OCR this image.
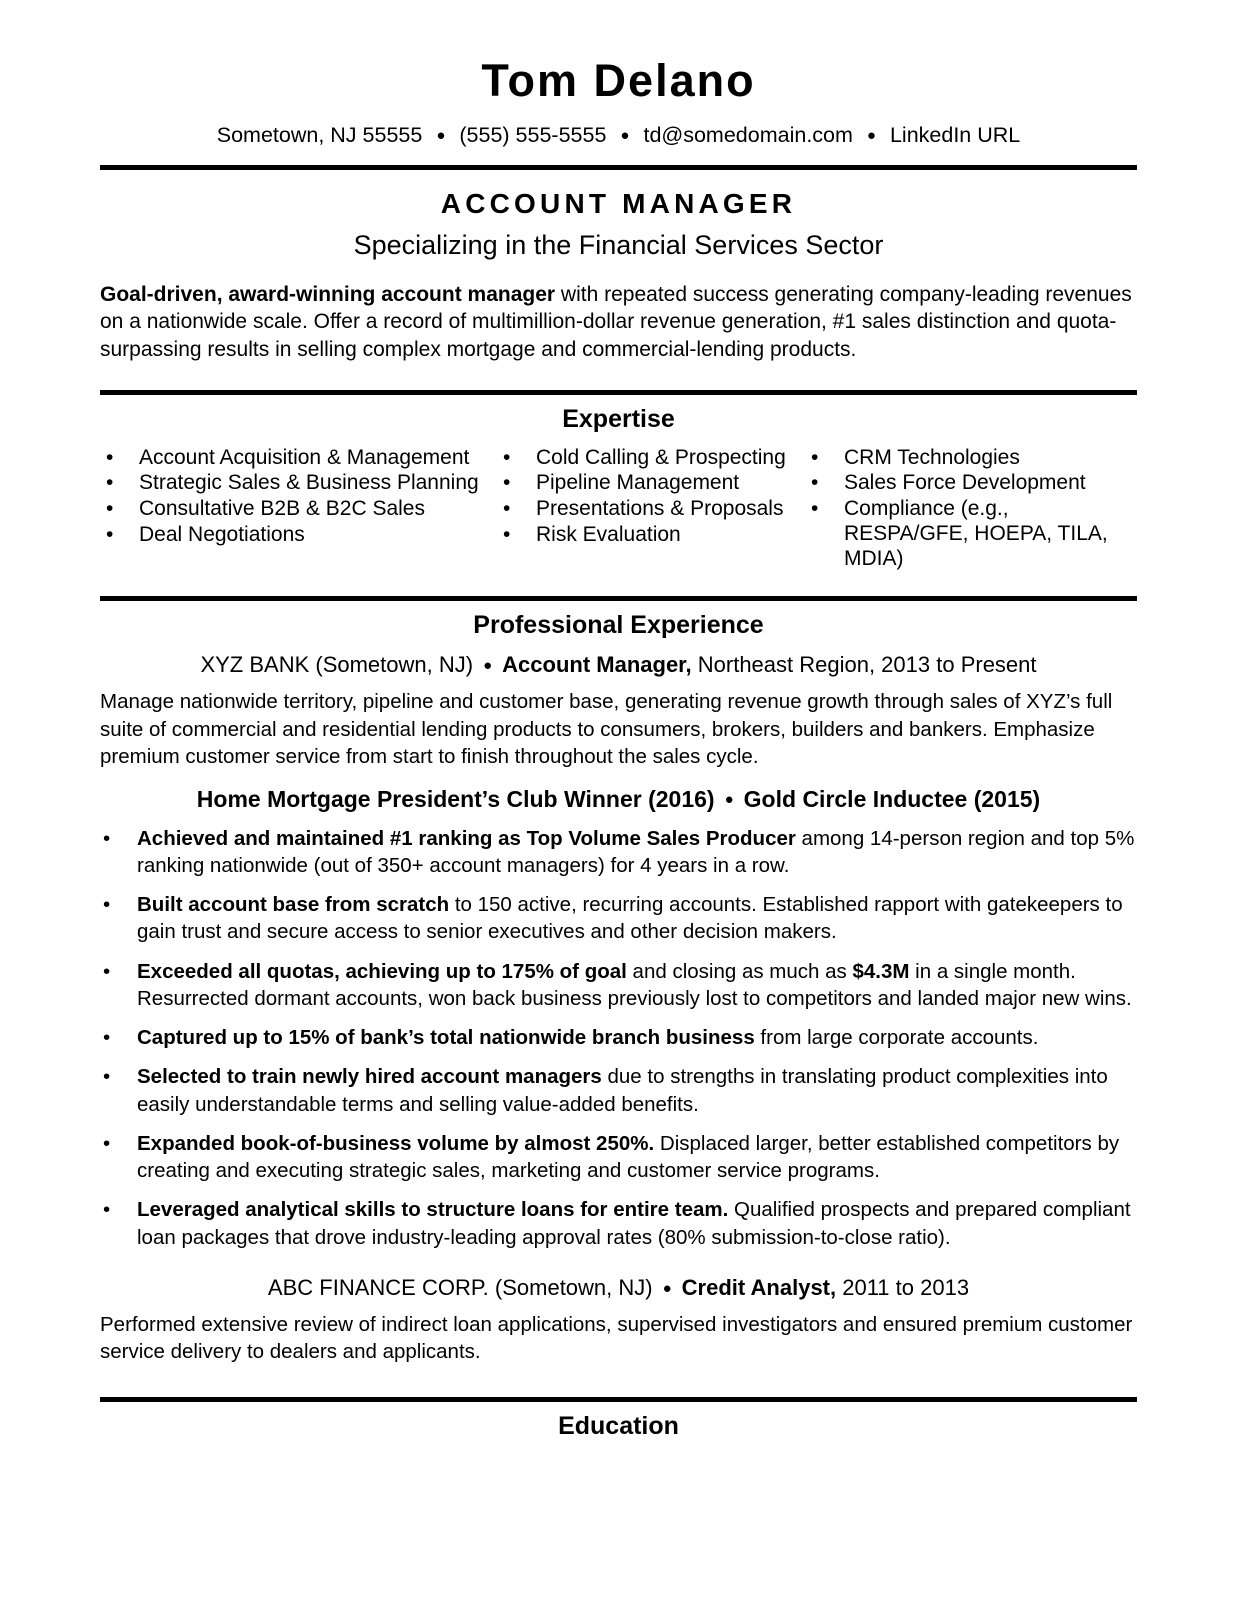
Tom Delano
Sometown, NJ 55555 ● (555) 555-5555 ● td@somedomain.com ● LinkedIn URL
ACCOUNT MANAGER
Specializing in the Financial Services Sector

Goal-driven, award-winning account manager with repeated success generating company-leading revenues on a nationwide scale. Offer a record of multimillion-dollar revenue generation, #1 sales distinction and quota-surpassing results in selling complex mortgage and commercial-lending products.

Expertise
• Account Acquisition & Management
• Strategic Sales & Business Planning
• Consultative B2B & B2C Sales
• Deal Negotiations
• Cold Calling & Prospecting
• Pipeline Management
• Presentations & Proposals
• Risk Evaluation
• CRM Technologies
• Sales Force Development
• Compliance (e.g., RESPA/GFE, HOEPA, TILA, MDIA)
Professional Experience
XYZ BANK (Sometown, NJ) ● Account Manager, Northeast Region, 2013 to Present

Manage nationwide territory, pipeline and customer base, generating revenue growth through sales of XYZ’s full suite of commercial and residential lending products to consumers, brokers, builders and bankers. Emphasize premium customer service from start to finish throughout the sales cycle.

Home Mortgage President’s Club Winner (2016) ● Gold Circle Inductee (2015)
• Achieved and maintained #1 ranking as Top Volume Sales Producer among 14-person region and top 5% ranking nationwide (out of 350+ account managers) for 4 years in a row.
• Built account base from scratch to 150 active, recurring accounts. Established rapport with gatekeepers to gain trust and secure access to senior executives and other decision makers.
• Exceeded all quotas, achieving up to 175% of goal and closing as much as $4.3M in a single month. Resurrected dormant accounts, won back business previously lost to competitors and landed major new wins.
• Captured up to 15% of bank’s total nationwide branch business from large corporate accounts.
• Selected to train newly hired account managers due to strengths in translating product complexities into easily understandable terms and selling value-added benefits.
• Expanded book-of-business volume by almost 250%. Displaced larger, better established competitors by creating and executing strategic sales, marketing and customer service programs.
• Leveraged analytical skills to structure loans for entire team. Qualified prospects and prepared compliant loan packages that drove industry-leading approval rates (80% submission-to-close ratio).
ABC FINANCE CORP. (Sometown, NJ) ● Credit Analyst, 2011 to 2013

Performed extensive review of indirect loan applications, supervised investigators and ensured premium customer service delivery to dealers and applicants.

Education
